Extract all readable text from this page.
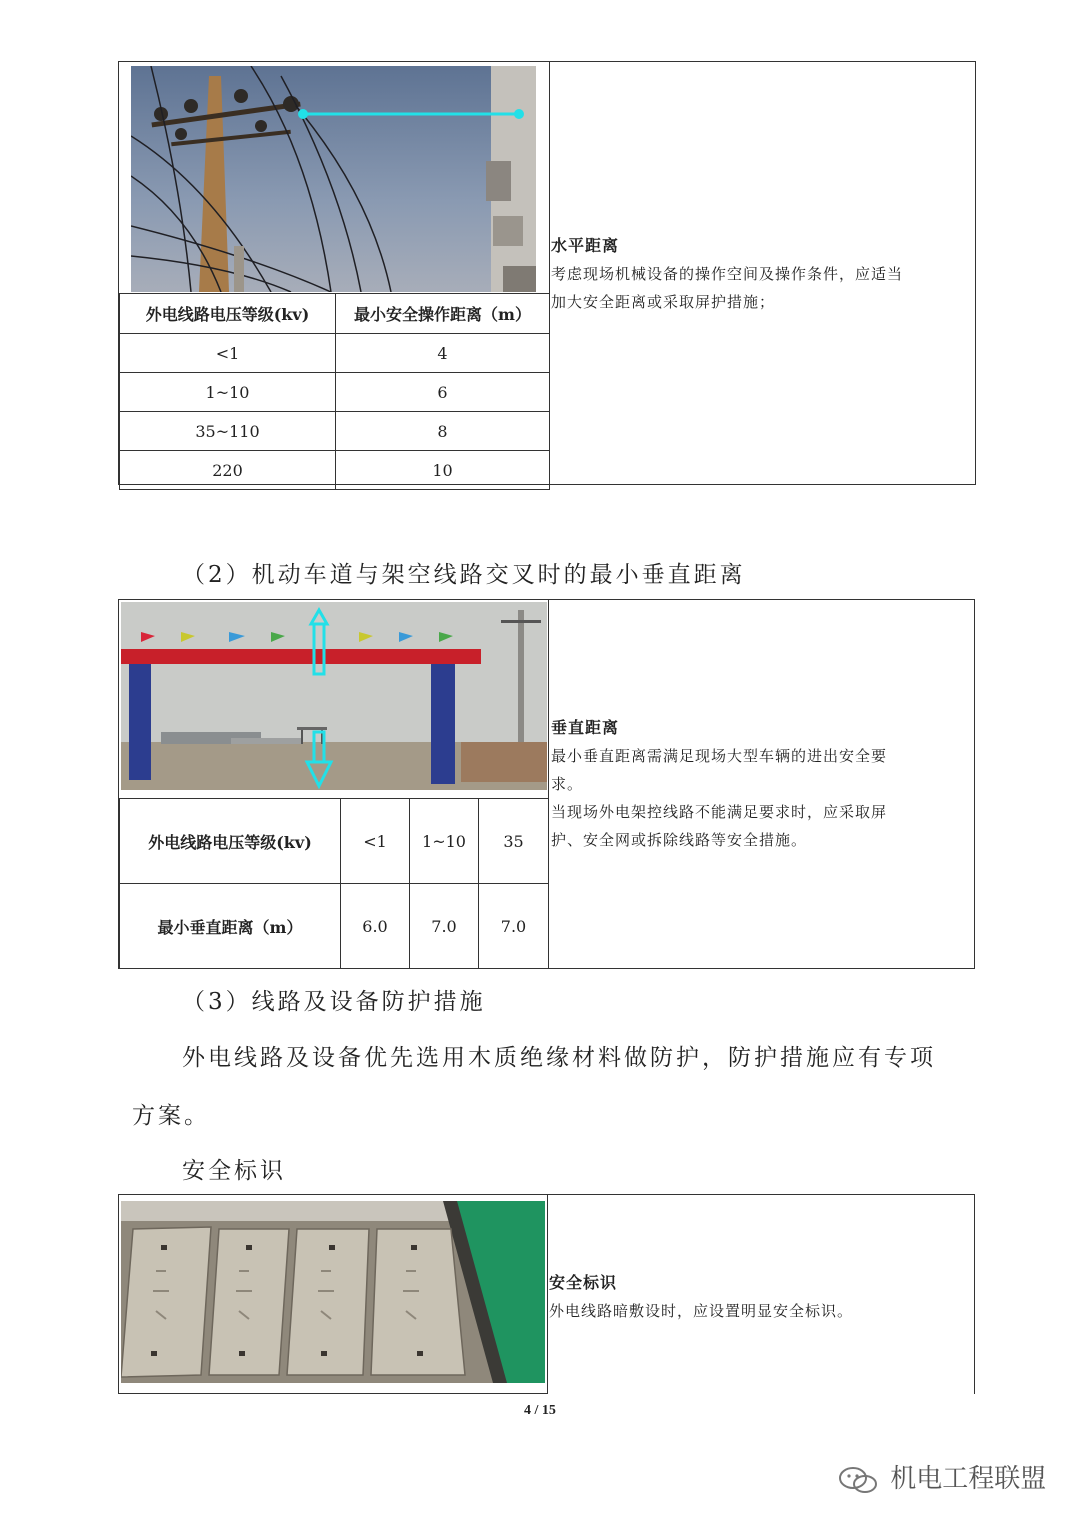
外电线路电压等级(kv)	最小安全操作距离（m）
<1	4
1~10	6
35~110	8
220	10
水平距离
考虑现场机械设备的操作空间及操作条件，应适当
加大安全距离或采取屏护措施；
（2）机动车道与架空线路交叉时的最小垂直距离
外电线路电压等级(kv)	<1	1~10	35
最小垂直距离（m）	6.0	7.0	7.0
垂直距离
最小垂直距离需满足现场大型车辆的进出安全要
求。
当现场外电架控线路不能满足要求时，应采取屏
护、安全网或拆除线路等安全措施。
（3）线路及设备防护措施
外电线路及设备优先选用木质绝缘材料做防护，防护措施应有专项
方案。
安全标识
安全标识
外电线路暗敷设时，应设置明显安全标识。
4 / 15
机电工程联盟
